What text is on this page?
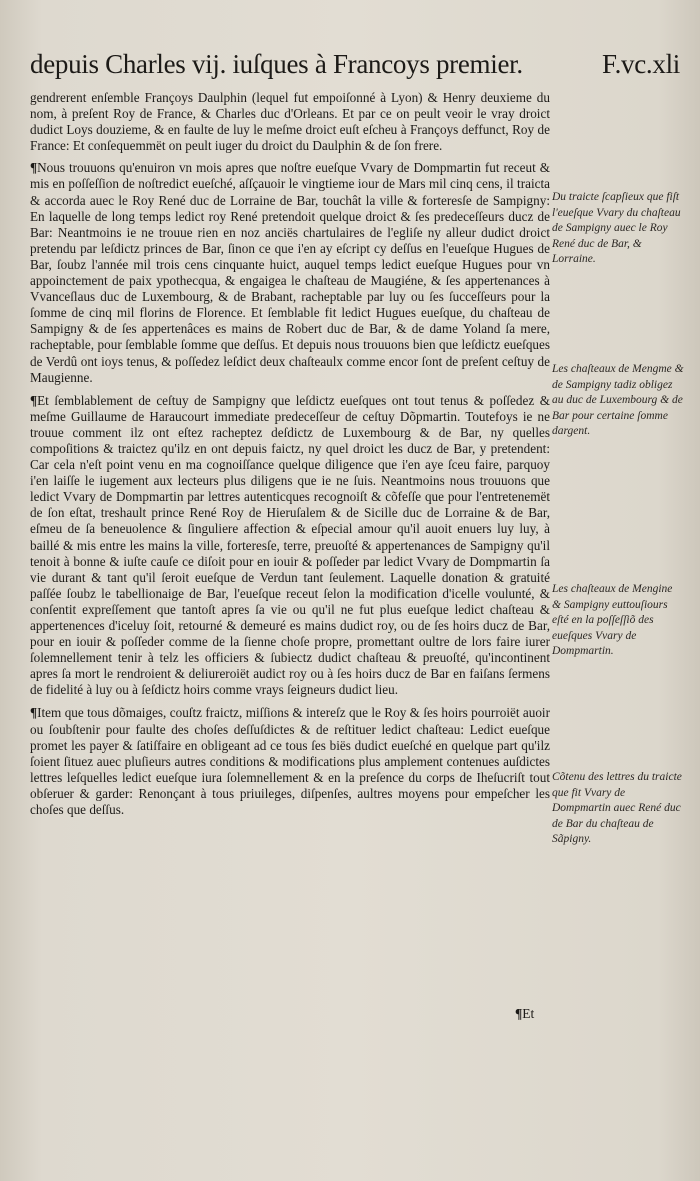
depuis Charles vij. iuſques à Francoys premier.	F.vc.xli

gendrerent enſemble Françoys Daulphin (lequel fut empoiſonné à Lyon) & Henry deuxieme du nom, à preſent Roy de France, & Charles duc d'Orleans. Et par ce on peult veoir le vray droict dudict Loys douzieme, & en faulte de luy le meſme droict euſt eſcheu à Françoys deffunct, Roy de France: Et conſequemmët on peult iuger du droict du Daulphin & de ſon frere.

¶Nous trouuons qu'enuiron vn mois apres que noſtre eueſque Vvary de Dompmartin fut receut & mis en poſſeſſion de noſtredict eueſché, aſſçauoir le vingtieme iour de Mars mil cinq cens, il traicta & accorda auec le Roy René duc de Lorraine de Bar, touchât la ville & forteresſe de Sampigny: En laquelle de long temps ledict roy René pretendoit quelque droict & ſes predeceſſeurs ducz de Bar: Neantmoins ie ne trouue rien en noz anciës chartulaires de l'egliſe ny alleur dudict droict pretendu par leſdictz princes de Bar, ſinon ce que i'en ay eſcript cy deſſus en l'eueſque Hugues de Bar, ſoubz l'année mil trois cens cinquante huict, auquel temps ledict eueſque Hugues pour vn appoinctement de paix ypothecqua, & engaigea le chaſteau de Maugiéne, & ſes appertenances à Vvanceſlaus duc de Luxembourg, & de Brabant, racheptable par luy ou ſes ſucceſſeurs pour la ſomme de cinq mil florins de Florence. Et ſemblable fit ledict Hugues eueſque, du chaſteau de Sampigny & de ſes appertenâces es mains de Robert duc de Bar, & de dame Yoland ſa mere, racheptable, pour ſemblable ſomme que deſſus. Et depuis nous trouuons bien que leſdictz eueſques de Verdû ont ioys tenus, & poſſedez leſdict deux chaſteaulx comme encor ſont de preſent ceſtuy de Maugienne.

¶Et ſemblablement de ceſtuy de Sampigny que leſdictz eueſques ont tout tenus & poſſedez & meſme Guillaume de Haraucourt immediate predeceſſeur de ceſtuy Dõpmartin. Toutefoys ie ne trouue comment ilz ont eſtez racheptez deſdictz de Luxembourg & de Bar, ny quelles compoſitions & traictez qu'ilz en ont depuis faictz, ny quel droict les ducz de Bar, y pretendent: Car cela n'eſt point venu en ma cognoiſſance quelque diligence que i'en aye ſceu faire, parquoy i'en laiſſe le iugement aux lecteurs plus diligens que ie ne ſuis. Neantmoins nous trouuons que ledict Vvary de Dompmartin par lettres autenticques recognoiſt & cõfeſſe que pour l'entretenemët de ſon eſtat, treshault prince René Roy de Hieruſalem & de Sicille duc de Lorraine & de Bar, eſmeu de ſa beneuolence & ſinguliere affection & eſpecial amour qu'il auoit enuers luy luy, à baillé & mis entre les mains la ville, forteresſe, terre, preuoſté & appertenances de Sampigny qu'il tenoit à bonne & iuſte cauſe ce diſoit pour en iouir & poſſeder par ledict Vvary de Dompmartin ſa vie durant & tant qu'il ſeroit eueſque de Verdun tant ſeulement. Laquelle donation & gratuité paſſée ſoubz le tabellionaige de Bar, l'eueſque receut ſelon la modification d'icelle voulunté, & conſentit expreſſement que tantoſt apres ſa vie ou qu'il ne fut plus eueſque ledict chaſteau & appertenences d'iceluy ſoit, retourné & demeuré es mains dudict roy, ou de ſes hoirs ducz de Bar, pour en iouir & poſſeder comme de la ſienne choſe propre, promettant oultre de lors faire iurer ſolemnellement tenir à telz les officiers & ſubiectz dudict chaſteau & preuoſté, qu'incontinent apres ſa mort le rendroient & deliureroiët audict roy ou à ſes hoirs ducz de Bar en faiſans ſermens de fidelité à luy ou à ſeſdictz hoirs comme vrays ſeigneurs dudict lieu.

¶Item que tous dõmaiges, couſtz fraictz, miſſions & intereſz que le Roy & ſes hoirs pourroiët auoir ou ſoubſtenir pour faulte des choſes deſſuſdictes & de reſtituer ledict chaſteau: Ledict eueſque promet les payer & ſatiſfaire en obligeant ad ce tous ſes biës dudict eueſché en quelque part qu'ilz ſoient ſituez auec pluſieurs autres conditions & modifications plus amplement contenues auſdictes lettres leſquelles ledict eueſque iura ſolemnellement & en la preſence du corps de Iheſucriſt tout obſeruer & garder: Renonçant à tous priuileges, diſpenſes, aultres moyens pour empeſcher les choſes que deſſus.

Du traicte ſcapſieux que fiſt l'eueſque Vvary du chaſteau de Sampigny auec le Roy René duc de Bar, & Lorraine.
Les chaſteaux de Mengme & de Sampigny tadiz obligez au duc de Luxembourg & de Bar pour certaine ſomme dargent.
Les chaſteaux de Mengine & Sampigny euttouſiours eſté en la poſſeſſiõ des eueſques Vvary de Dompmartin.
Cõtenu des lettres du traicte que fit Vvary de Dompmartin auec René duc de Bar du chaſteau de Sãpigny.
¶Et
